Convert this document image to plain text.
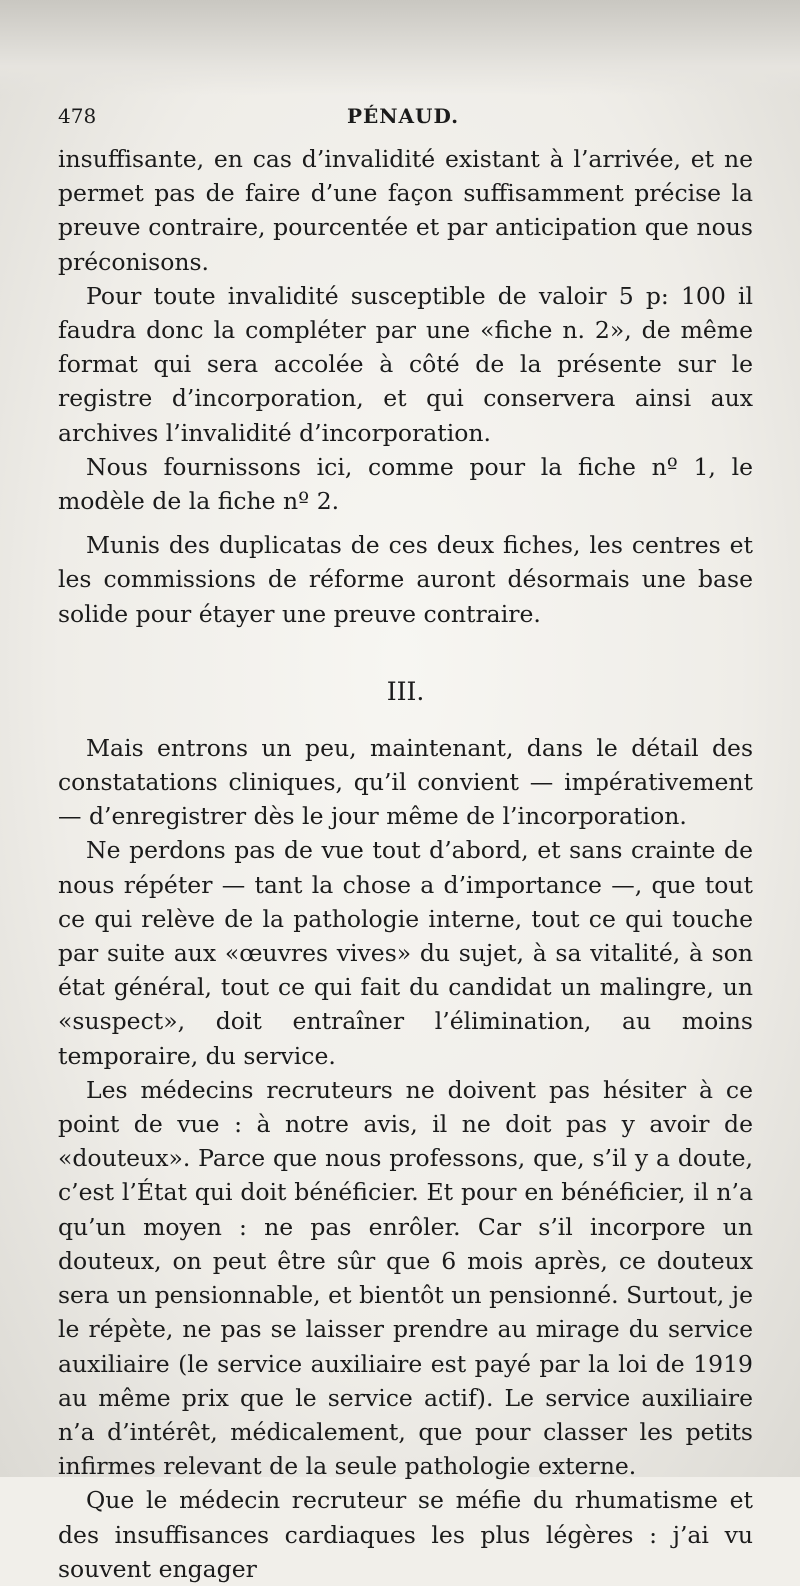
478	PÉNAUD.

insuffisante, en cas d’invalidité existant à l’arrivée, et ne permet pas de faire d’une façon suffisamment précise la preuve contraire, pourcentée et par anticipation que nous préconisons.

Pour toute invalidité susceptible de valoir 5 p: 100 il faudra donc la compléter par une «fiche n. 2», de même format qui sera accolée à côté de la présente sur le registre d’incorporation, et qui conservera ainsi aux archives l’invalidité d’incorporation.

Nous fournissons ici, comme pour la fiche nº 1, le modèle de la fiche nº 2.

Munis des duplicatas de ces deux fiches, les centres et les commissions de réforme auront désormais une base solide pour étayer une preuve contraire.

III.

Mais entrons un peu, maintenant, dans le détail des constatations cliniques, qu’il convient — impérativement — d’enregistrer dès le jour même de l’incorporation.

Ne perdons pas de vue tout d’abord, et sans crainte de nous répéter — tant la chose a d’importance —, que tout ce qui relève de la pathologie interne, tout ce qui touche par suite aux «œuvres vives» du sujet, à sa vitalité, à son état général, tout ce qui fait du candidat un malingre, un «suspect», doit entraîner l’élimination, au moins temporaire, du service.

Les médecins recruteurs ne doivent pas hésiter à ce point de vue : à notre avis, il ne doit pas y avoir de «douteux». Parce que nous professons, que, s’il y a doute, c’est l’État qui doit bénéficier. Et pour en bénéficier, il n’a qu’un moyen : ne pas enrôler. Car s’il incorpore un douteux, on peut être sûr que 6 mois après, ce douteux sera un pensionnable, et bientôt un pensionné. Surtout, je le répète, ne pas se laisser prendre au mirage du service auxiliaire (le service auxiliaire est payé par la loi de 1919 au même prix que le service actif). Le service auxiliaire n’a d’intérêt, médicalement, que pour classer les petits infirmes relevant de la seule pathologie externe.

Que le médecin recruteur se méfie du rhumatisme et des insuffisances cardiaques les plus légères : j’ai vu souvent engager
